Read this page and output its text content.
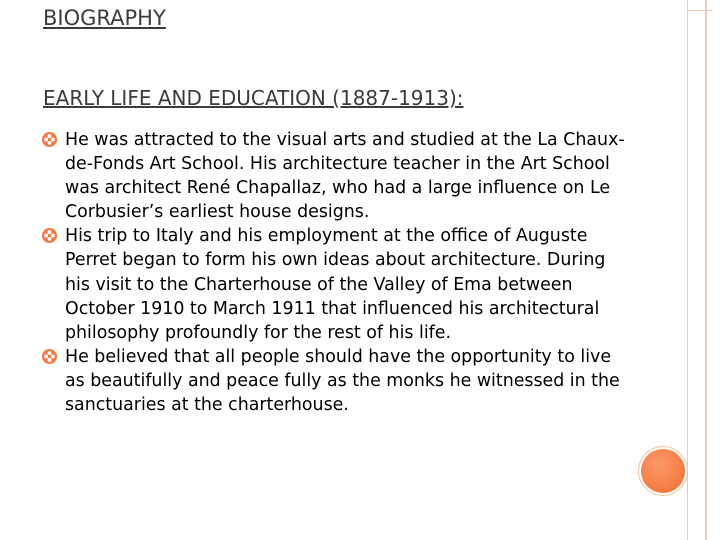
BIOGRAPHY
EARLY LIFE AND EDUCATION (1887-1913):
He was attracted to the visual arts and studied at the La Chaux-de-Fonds Art School. His architecture teacher in the Art School was architect René Chapallaz, who had a large influence on Le Corbusier’s earliest house designs.
His trip to Italy and his employment at the office of Auguste Perret began to form his own ideas about architecture. During his visit to the Charterhouse of the Valley of Ema between October 1910 to March 1911 that influenced his architectural philosophy profoundly for the rest of his life.
He believed that all people should have the opportunity to live as beautifully and peace fully as the monks he witnessed in the sanctuaries at the charterhouse.
